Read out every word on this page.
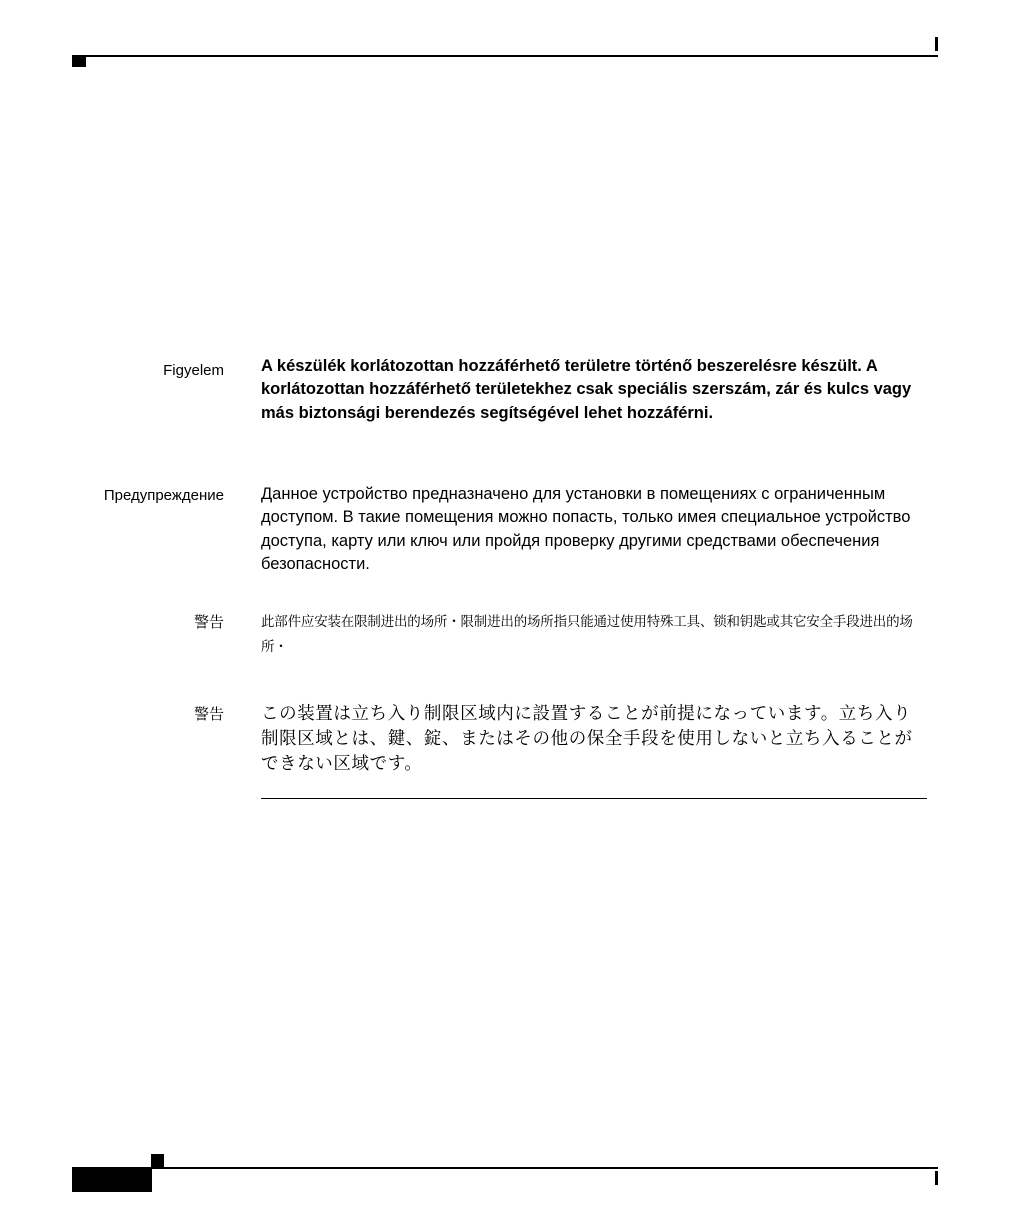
Figyelem A készülék korlátozottan hozzáférhető területre történő beszerelésre készült. A korlátozottan hozzáférhető területekhez csak speciális szerszám, zár és kulcs vagy más biztonsági berendezés segítségével lehet hozzáférni.
Предупреждение Данное устройство предназначено для установки в помещениях с ограниченным доступом. В такие помещения можно попасть, только имея специальное устройство доступа, карту или ключ или пройдя проверку другими средствами обеспечения безопасности.
警告	此部件应安装在限制进出的场所・限制进出的场所指只能通过使用特殊工具、锁和钥匙或其它安全手段进出的场所・
警告 この装置は立ち入り制限区域内に設置することが前提になっています。立ち入り制限区域とは、鍵、錠、またはその他の保全手段を使用しないと立ち入ることができない区域です。
